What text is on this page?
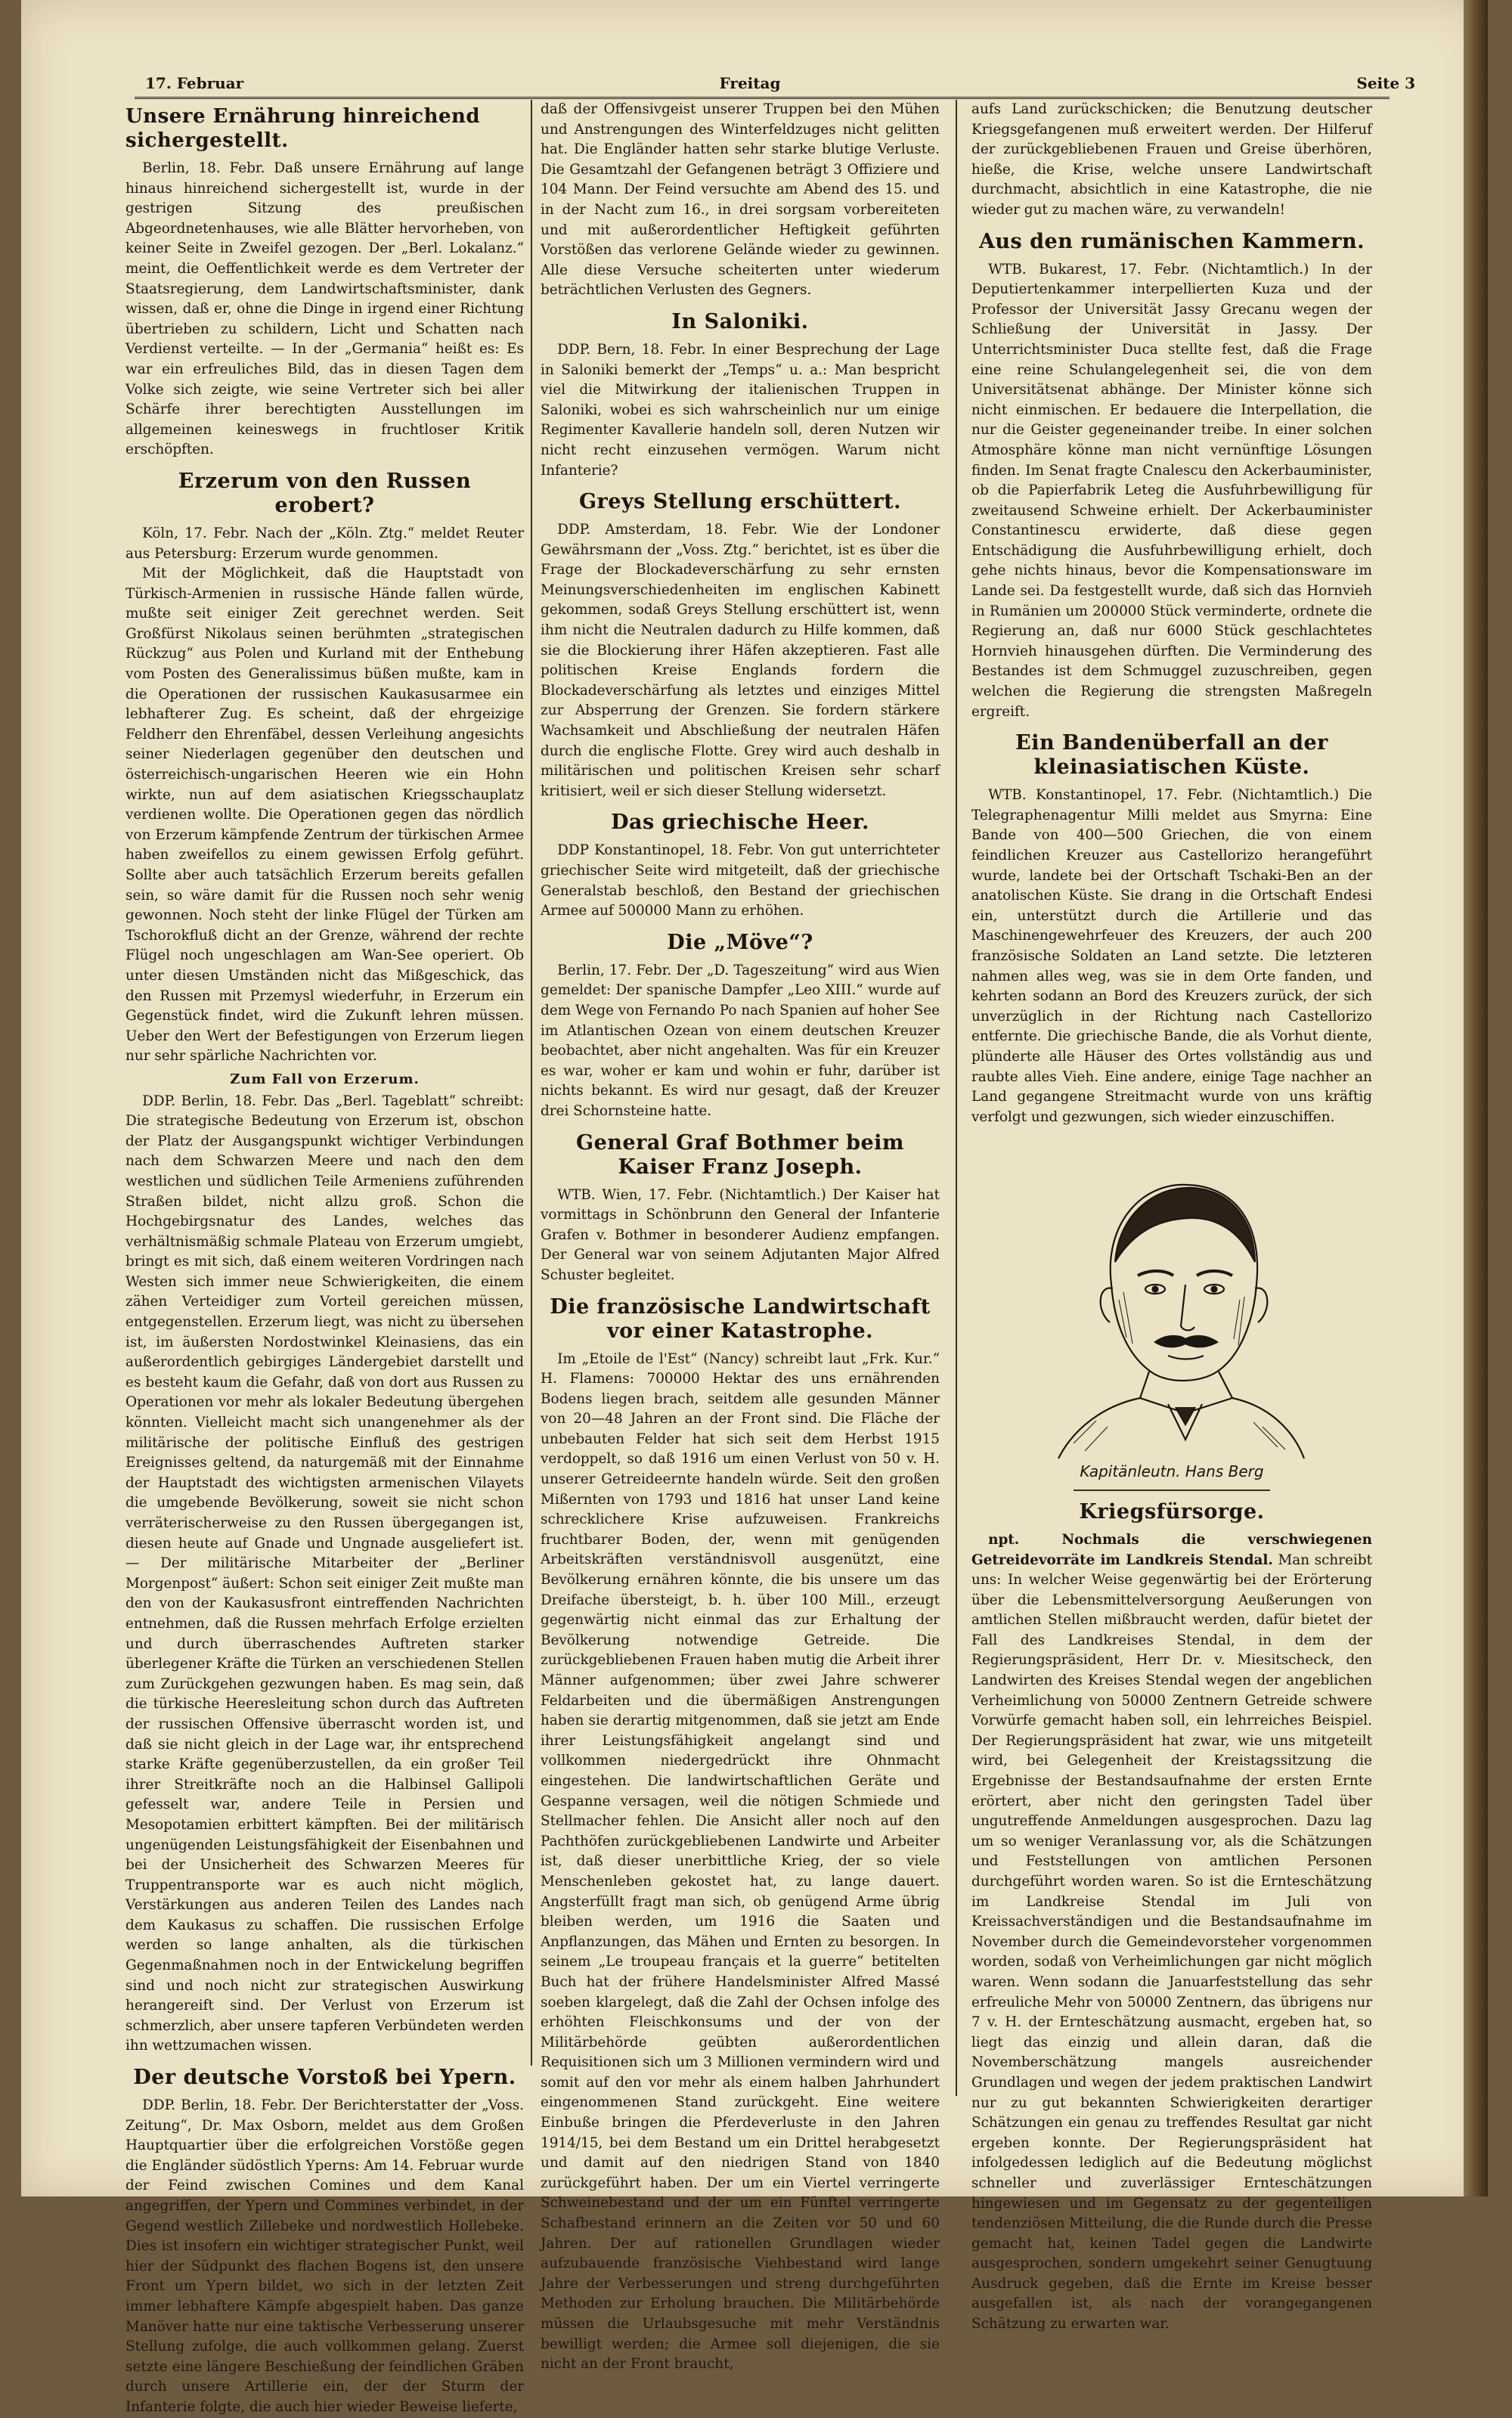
17. Februar	Freitag	Seite 3
Unsere Ernährung hinreichend sichergestellt.

Berlin, 18. Febr. Daß unsere Ernährung auf lange hinaus hinreichend sichergestellt ist, wurde in der gestrigen Sitzung des preußischen Abgeordnetenhauses, wie alle Blätter hervorheben, von keiner Seite in Zweifel gezogen. Der „Berl. Lokalanz.“ meint, die Oeffentlichkeit werde es dem Vertreter der Staatsregierung, dem Landwirtschaftsminister, dank wissen, daß er, ohne die Dinge in irgend einer Richtung übertrieben zu schildern, Licht und Schatten nach Verdienst verteilte. — In der „Germania“ heißt es: Es war ein erfreuliches Bild, das in diesen Tagen dem Volke sich zeigte, wie seine Vertreter sich bei aller Schärfe ihrer berechtigten Ausstellungen im allgemeinen keineswegs in fruchtloser Kritik erschöpften.

Erzerum von den Russen erobert?

Köln, 17. Febr. Nach der „Köln. Ztg.“ meldet Reuter aus Petersburg: Erzerum wurde genommen.

Mit der Möglichkeit, daß die Hauptstadt von Türkisch-Armenien in russische Hände fallen würde, mußte seit einiger Zeit gerechnet werden. Seit Großfürst Nikolaus seinen berühmten „strategischen Rückzug“ aus Polen und Kurland mit der Enthebung vom Posten des Generalissimus büßen mußte, kam in die Operationen der russischen Kaukasusarmee ein lebhafterer Zug. Es scheint, daß der ehrgeizige Feldherr den Ehrenfäbel, dessen Verleihung angesichts seiner Niederlagen gegenüber den deutschen und österreichisch-ungarischen Heeren wie ein Hohn wirkte, nun auf dem asiatischen Kriegsschauplatz verdienen wollte. Die Operationen gegen das nördlich von Erzerum kämpfende Zentrum der türkischen Armee haben zweifellos zu einem gewissen Erfolg geführt. Sollte aber auch tatsächlich Erzerum bereits gefallen sein, so wäre damit für die Russen noch sehr wenig gewonnen. Noch steht der linke Flügel der Türken am Tschorokfluß dicht an der Grenze, während der rechte Flügel noch ungeschlagen am Wan-See operiert. Ob unter diesen Umständen nicht das Mißgeschick, das den Russen mit Przemysl wiederfuhr, in Erzerum ein Gegenstück findet, wird die Zukunft lehren müssen. Ueber den Wert der Befestigungen von Erzerum liegen nur sehr spärliche Nachrichten vor.

Zum Fall von Erzerum.

DDP. Berlin, 18. Febr. Das „Berl. Tageblatt“ schreibt: Die strategische Bedeutung von Erzerum ist, obschon der Platz der Ausgangspunkt wichtiger Verbindungen nach dem Schwarzen Meere und nach den dem westlichen und südlichen Teile Armeniens zuführenden Straßen bildet, nicht allzu groß. Schon die Hochgebirgsnatur des Landes, welches das verhältnismäßig schmale Plateau von Erzerum umgiebt, bringt es mit sich, daß einem weiteren Vordringen nach Westen sich immer neue Schwierigkeiten, die einem zähen Verteidiger zum Vorteil gereichen müssen, entgegenstellen. Erzerum liegt, was nicht zu übersehen ist, im äußersten Nordostwinkel Kleinasiens, das ein außerordentlich gebirgiges Ländergebiet darstellt und es besteht kaum die Gefahr, daß von dort aus Russen zu Operationen vor mehr als lokaler Bedeutung übergehen könnten. Vielleicht macht sich unangenehmer als der militärische der politische Einfluß des gestrigen Ereignisses geltend, da naturgemäß mit der Einnahme der Hauptstadt des wichtigsten armenischen Vilayets die umgebende Bevölkerung, soweit sie nicht schon verräterischerweise zu den Russen übergegangen ist, diesen heute auf Gnade und Ungnade ausgeliefert ist. — Der militärische Mitarbeiter der „Berliner Morgenpost“ äußert: Schon seit einiger Zeit mußte man den von der Kaukasusfront eintreffenden Nachrichten entnehmen, daß die Russen mehrfach Erfolge erzielten und durch überraschendes Auftreten starker überlegener Kräfte die Türken an verschiedenen Stellen zum Zurückgehen gezwungen haben. Es mag sein, daß die türkische Heeresleitung schon durch das Auftreten der russischen Offensive überrascht worden ist, und daß sie nicht gleich in der Lage war, ihr entsprechend starke Kräfte gegenüberzustellen, da ein großer Teil ihrer Streitkräfte noch an die Halbinsel Gallipoli gefesselt war, andere Teile in Persien und Mesopotamien erbittert kämpften. Bei der militärisch ungenügenden Leistungsfähigkeit der Eisenbahnen und bei der Unsicherheit des Schwarzen Meeres für Truppentransporte war es auch nicht möglich, Verstärkungen aus anderen Teilen des Landes nach dem Kaukasus zu schaffen. Die russischen Erfolge werden so lange anhalten, als die türkischen Gegenmaßnahmen noch in der Entwickelung begriffen sind und noch nicht zur strategischen Auswirkung herangereift sind. Der Verlust von Erzerum ist schmerzlich, aber unsere tapferen Verbündeten werden ihn wettzumachen wissen.

Der deutsche Vorstoß bei Ypern.

DDP. Berlin, 18. Febr. Der Berichterstatter der „Voss. Zeitung“, Dr. Max Osborn, meldet aus dem Großen Hauptquartier über die erfolgreichen Vorstöße gegen die Engländer südöstlich Yperns: Am 14. Februar wurde der Feind zwischen Comines und dem Kanal angegriffen, der Ypern und Commines verbindet, in der Gegend westlich Zillebeke und nordwestlich Hollebeke. Dies ist insofern ein wichtiger strategischer Punkt, weil hier der Südpunkt des flachen Bogens ist, den unsere Front um Ypern bildet, wo sich in der letzten Zeit immer lebhaftere Kämpfe abgespielt haben. Das ganze Manöver hatte nur eine taktische Verbesserung unserer Stellung zufolge, die auch vollkommen gelang. Zuerst setzte eine längere Beschießung der feindlichen Gräben durch unsere Artillerie ein, der der Sturm der Infanterie folgte, die auch hier wieder Beweise lieferte,

daß der Offensivgeist unserer Truppen bei den Mühen und Anstrengungen des Winterfeldzuges nicht gelitten hat. Die Engländer hatten sehr starke blutige Verluste. Die Gesamtzahl der Gefangenen beträgt 3 Offiziere und 104 Mann. Der Feind versuchte am Abend des 15. und in der Nacht zum 16., in drei sorgsam vorbereiteten und mit außerordentlicher Heftigkeit geführten Vorstößen das verlorene Gelände wieder zu gewinnen. Alle diese Versuche scheiterten unter wiederum beträchtlichen Verlusten des Gegners.

In Saloniki.

DDP. Bern, 18. Febr. In einer Besprechung der Lage in Saloniki bemerkt der „Temps“ u. a.: Man bespricht viel die Mitwirkung der italienischen Truppen in Saloniki, wobei es sich wahrscheinlich nur um einige Regimenter Kavallerie handeln soll, deren Nutzen wir nicht recht einzusehen vermögen. Warum nicht Infanterie?

Greys Stellung erschüttert.

DDP. Amsterdam, 18. Febr. Wie der Londoner Gewährsmann der „Voss. Ztg.“ berichtet, ist es über die Frage der Blockadeverschärfung zu sehr ernsten Meinungsverschiedenheiten im englischen Kabinett gekommen, sodaß Greys Stellung erschüttert ist, wenn ihm nicht die Neutralen dadurch zu Hilfe kommen, daß sie die Blockierung ihrer Häfen akzeptieren. Fast alle politischen Kreise Englands fordern die Blockadeverschärfung als letztes und einziges Mittel zur Absperrung der Grenzen. Sie fordern stärkere Wachsamkeit und Abschließung der neutralen Häfen durch die englische Flotte. Grey wird auch deshalb in militärischen und politischen Kreisen sehr scharf kritisiert, weil er sich dieser Stellung widersetzt.

Das griechische Heer.

DDP Konstantinopel, 18. Febr. Von gut unterrichteter griechischer Seite wird mitgeteilt, daß der griechische Generalstab beschloß, den Bestand der griechischen Armee auf 500000 Mann zu erhöhen.

Die „Möve“?

Berlin, 17. Febr. Der „D. Tageszeitung“ wird aus Wien gemeldet: Der spanische Dampfer „Leo XIII.“ wurde auf dem Wege von Fernando Po nach Spanien auf hoher See im Atlantischen Ozean von einem deutschen Kreuzer beobachtet, aber nicht angehalten. Was für ein Kreuzer es war, woher er kam und wohin er fuhr, darüber ist nichts bekannt. Es wird nur gesagt, daß der Kreuzer drei Schornsteine hatte.

General Graf Bothmer beim Kaiser Franz Joseph.

WTB. Wien, 17. Febr. (Nichtamtlich.) Der Kaiser hat vormittags in Schönbrunn den General der Infanterie Grafen v. Bothmer in besonderer Audienz empfangen. Der General war von seinem Adjutanten Major Alfred Schuster begleitet.

Die französische Landwirtschaft vor einer Katastrophe.

Im „Etoile de l'Est“ (Nancy) schreibt laut „Frk. Kur.“ H. Flamens: 700000 Hektar des uns ernährenden Bodens liegen brach, seitdem alle gesunden Männer von 20—48 Jahren an der Front sind. Die Fläche der unbebauten Felder hat sich seit dem Herbst 1915 verdoppelt, so daß 1916 um einen Verlust von 50 v. H. unserer Getreideernte handeln würde. Seit den großen Mißernten von 1793 und 1816 hat unser Land keine schrecklichere Krise aufzuweisen. Frankreichs fruchtbarer Boden, der, wenn mit genügenden Arbeitskräften verständnisvoll ausgenützt, eine Bevölkerung ernähren könnte, die bis unsere um das Dreifache übersteigt, b. h. über 100 Mill., erzeugt gegenwärtig nicht einmal das zur Erhaltung der Bevölkerung notwendige Getreide. Die zurückgebliebenen Frauen haben mutig die Arbeit ihrer Männer aufgenommen; über zwei Jahre schwerer Feldarbeiten und die übermäßigen Anstrengungen haben sie derartig mitgenommen, daß sie jetzt am Ende ihrer Leistungsfähigkeit angelangt sind und vollkommen niedergedrückt ihre Ohnmacht eingestehen. Die landwirtschaftlichen Geräte und Gespanne versagen, weil die nötigen Schmiede und Stellmacher fehlen. Die Ansicht aller noch auf den Pachthöfen zurückgebliebenen Landwirte und Arbeiter ist, daß dieser unerbittliche Krieg, der so viele Menschenleben gekostet hat, zu lange dauert. Angsterfüllt fragt man sich, ob genügend Arme übrig bleiben werden, um 1916 die Saaten und Anpflanzungen, das Mähen und Ernten zu besorgen. In seinem „Le troupeau français et la guerre“ betitelten Buch hat der frühere Handelsminister Alfred Massé soeben klargelegt, daß die Zahl der Ochsen infolge des erhöhten Fleischkonsums und der von der Militärbehörde geübten außerordentlichen Requisitionen sich um 3 Millionen vermindern wird und somit auf den vor mehr als einem halben Jahrhundert eingenommenen Stand zurückgeht. Eine weitere Einbuße bringen die Pferdeverluste in den Jahren 1914/15, bei dem Bestand um ein Drittel herabgesetzt und damit auf den niedrigen Stand von 1840 zurückgeführt haben. Der um ein Viertel verringerte Schweinebestand und der um ein Fünftel verringerte Schafbestand erinnern an die Zeiten vor 50 und 60 Jahren. Der auf rationellen Grundlagen wieder aufzubauende französische Viehbestand wird lange Jahre der Verbesserungen und streng durchgeführten Methoden zur Erholung brauchen. Die Militärbehörde müssen die Urlaubsgesuche mit mehr Verständnis bewilligt werden; die Armee soll diejenigen, die sie nicht an der Front braucht,

aufs Land zurückschicken; die Benutzung deutscher Kriegsgefangenen muß erweitert werden. Der Hilferuf der zurückgebliebenen Frauen und Greise überhören, hieße, die Krise, welche unsere Landwirtschaft durchmacht, absichtlich in eine Katastrophe, die nie wieder gut zu machen wäre, zu verwandeln!

Aus den rumänischen Kammern.

WTB. Bukarest, 17. Febr. (Nichtamtlich.) In der Deputiertenkammer interpellierten Kuza und der Professor der Universität Jassy Grecanu wegen der Schließung der Universität in Jassy. Der Unterrichtsminister Duca stellte fest, daß die Frage eine reine Schulangelegenheit sei, die von dem Universitätsenat abhänge. Der Minister könne sich nicht einmischen. Er bedauere die Interpellation, die nur die Geister gegeneinander treibe. In einer solchen Atmosphäre könne man nicht vernünftige Lösungen finden. Im Senat fragte Cnalescu den Ackerbauminister, ob die Papierfabrik Leteg die Ausfuhrbewilligung für zweitausend Schweine erhielt. Der Ackerbauminister Constantinescu erwiderte, daß diese gegen Entschädigung die Ausfuhrbewilligung erhielt, doch gehe nichts hinaus, bevor die Kompensationsware im Lande sei. Da festgestellt wurde, daß sich das Hornvieh in Rumänien um 200000 Stück verminderte, ordnete die Regierung an, daß nur 6000 Stück geschlachtetes Hornvieh hinausgehen dürften. Die Verminderung des Bestandes ist dem Schmuggel zuzuschreiben, gegen welchen die Regierung die strengsten Maßregeln ergreift.

Ein Bandenüberfall an der kleinasiatischen Küste.

WTB. Konstantinopel, 17. Febr. (Nichtamtlich.) Die Telegraphenagentur Milli meldet aus Smyrna: Eine Bande von 400—500 Griechen, die von einem feindlichen Kreuzer aus Castellorizo herangeführt wurde, landete bei der Ortschaft Tschaki-Ben an der anatolischen Küste. Sie drang in die Ortschaft Endesi ein, unterstützt durch die Artillerie und das Maschinengewehrfeuer des Kreuzers, der auch 200 französische Soldaten an Land setzte. Die letzteren nahmen alles weg, was sie in dem Orte fanden, und kehrten sodann an Bord des Kreuzers zurück, der sich unverzüglich in der Richtung nach Castellorizo entfernte. Die griechische Bande, die als Vorhut diente, plünderte alle Häuser des Ortes vollständig aus und raubte alles Vieh. Eine andere, einige Tage nachher an Land gegangene Streitmacht wurde von uns kräftig verfolgt und gezwungen, sich wieder einzuschiffen.

Kapitänleutn. Hans Berg
Kriegsfürsorge.

npt. Nochmals die verschwiegenen Getreidevorräte im Landkreis Stendal. Man schreibt uns: In welcher Weise gegenwärtig bei der Erörterung über die Lebensmittelversorgung Aeußerungen von amtlichen Stellen mißbraucht werden, dafür bietet der Fall des Landkreises Stendal, in dem der Regierungspräsident, Herr Dr. v. Miesitscheck, den Landwirten des Kreises Stendal wegen der angeblichen Verheimlichung von 50000 Zentnern Getreide schwere Vorwürfe gemacht haben soll, ein lehrreiches Beispiel. Der Regierungspräsident hat zwar, wie uns mitgeteilt wird, bei Gelegenheit der Kreistagssitzung die Ergebnisse der Bestandsaufnahme der ersten Ernte erörtert, aber nicht den geringsten Tadel über ungutreffende Anmeldungen ausgesprochen. Dazu lag um so weniger Veranlassung vor, als die Schätzungen und Feststellungen von amtlichen Personen durchgeführt worden waren. So ist die Ernteschätzung im Landkreise Stendal im Juli von Kreissachverständigen und die Bestandsaufnahme im November durch die Gemeindevorsteher vorgenommen worden, sodaß von Verheimlichungen gar nicht möglich waren. Wenn sodann die Januarfeststellung das sehr erfreuliche Mehr von 50000 Zentnern, das übrigens nur 7 v. H. der Ernteschätzung ausmacht, ergeben hat, so liegt das einzig und allein daran, daß die Novemberschätzung mangels ausreichender Grundlagen und wegen der jedem praktischen Landwirt nur zu gut bekannten Schwierigkeiten derartiger Schätzungen ein genau zu treffendes Resultat gar nicht ergeben konnte. Der Regierungspräsident hat infolgedessen lediglich auf die Bedeutung möglichst schneller und zuverlässiger Ernteschätzungen hingewiesen und im Gegensatz zu der gegenteiligen tendenziösen Mitteilung, die die Runde durch die Presse gemacht hat, keinen Tadel gegen die Landwirte ausgesprochen, sondern umgekehrt seiner Genugtuung Ausdruck gegeben, daß die Ernte im Kreise besser ausgefallen ist, als nach der vorangegangenen Schätzung zu erwarten war.
